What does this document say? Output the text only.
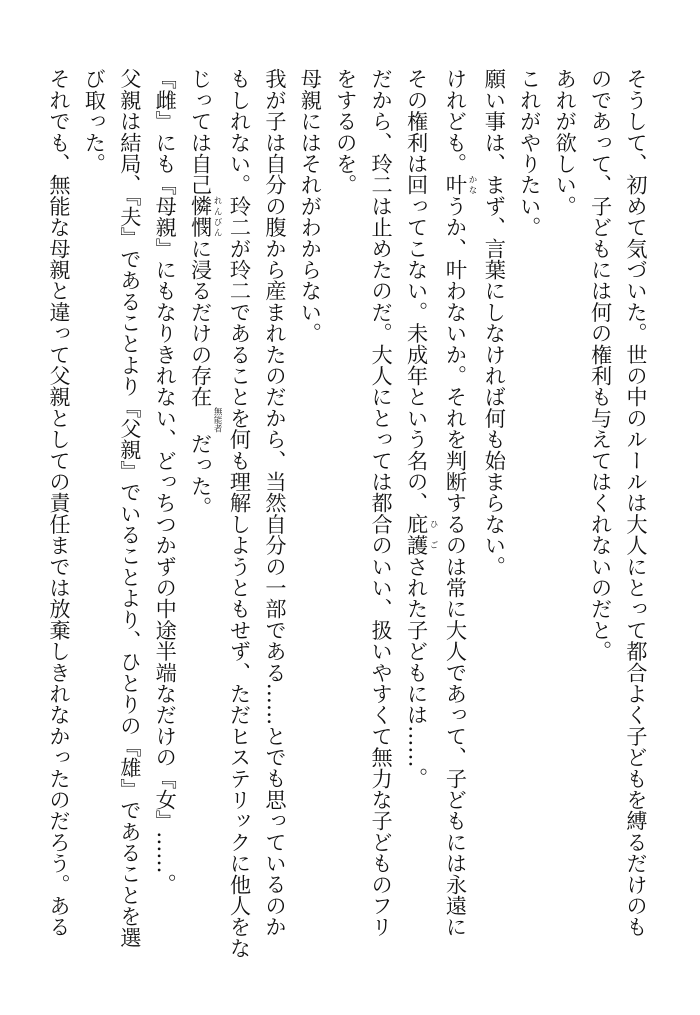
そうして、初めて気づいた。世の中のルールは大人にとって都合よく子どもを縛るだけのも
のであって、子どもには何の権利も与えてはくれないのだと。
あれが欲しい。
これがやりたい。
願い事は、まず、言葉にしなければ何も始まらない。
けれども。叶かなうか、叶わないか。それを判断するのは常に大人であって、子どもには永遠に
その権利は回ってこない。未成年という名の、庇護ひごされた子どもには……。
だから、玲二は止めたのだ。大人にとっては都合のいい、扱いやすくて無力な子どものフリ
をするのを。
母親にはそれがわからない。
我が子は自分の腹から産まれたのだから、当然自分の一部である……とでも思っているのか
もしれない。玲二が玲二であることを何も理解しようともせず、ただヒステリックに他人をな
じっては自己憐憫れんびんに浸るだけの存在無能者だった。
『雌』にも『母親』にもなりきれない、どっちつかずの中途半端なだけの『女』……。
父親は結局、『夫』であることより『父親』でいることより、ひとりの『雄』であることを選
び取った。
それでも、無能な母親と違って父親としての責任までは放棄しきれなかったのだろう。ある
